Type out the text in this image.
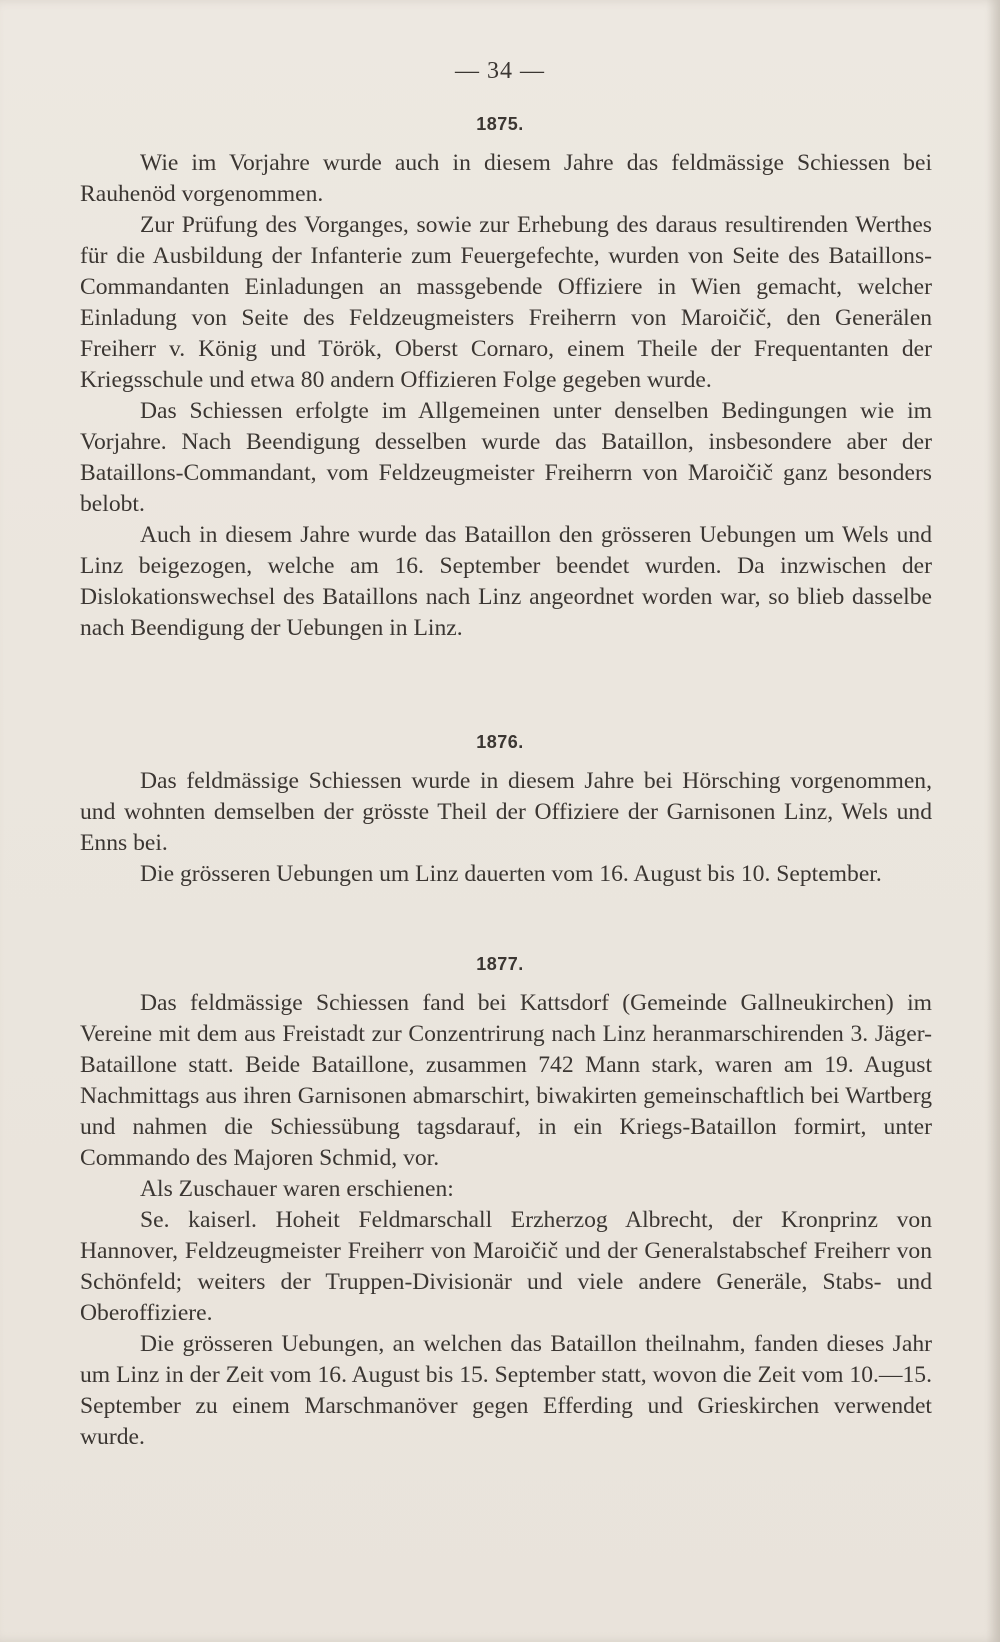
— 34 —
1875.

Wie im Vorjahre wurde auch in diesem Jahre das feldmässige Schiessen bei Rauhenöd vorgenommen.

Zur Prüfung des Vorganges, sowie zur Erhebung des daraus resultirenden Werthes für die Ausbildung der Infanterie zum Feuergefechte, wurden von Seite des Bataillons-Commandanten Einladungen an massgebende Offiziere in Wien gemacht, welcher Einladung von Seite des Feldzeugmeisters Freiherrn von Maroičič, den Generälen Freiherr v. König und Török, Oberst Cornaro, einem Theile der Frequentanten der Kriegsschule und etwa 80 andern Offizieren Folge gegeben wurde.

Das Schiessen erfolgte im Allgemeinen unter denselben Bedingungen wie im Vorjahre. Nach Beendigung desselben wurde das Bataillon, insbesondere aber der Bataillons-Commandant, vom Feldzeugmeister Freiherrn von Maroičič ganz besonders belobt.

Auch in diesem Jahre wurde das Bataillon den grösseren Uebungen um Wels und Linz beigezogen, welche am 16. September beendet wurden. Da inzwischen der Dislokationswechsel des Bataillons nach Linz angeordnet worden war, so blieb dasselbe nach Beendigung der Uebungen in Linz.

1876.

Das feldmässige Schiessen wurde in diesem Jahre bei Hörsching vorgenommen, und wohnten demselben der grösste Theil der Offiziere der Garnisonen Linz, Wels und Enns bei.

Die grösseren Uebungen um Linz dauerten vom 16. August bis 10. September.

1877.

Das feldmässige Schiessen fand bei Kattsdorf (Gemeinde Gallneukirchen) im Vereine mit dem aus Freistadt zur Conzentrirung nach Linz heranmarschirenden 3. Jäger-Bataillone statt. Beide Bataillone, zusammen 742 Mann stark, waren am 19. August Nachmittags aus ihren Garnisonen abmarschirt, biwakirten gemeinschaftlich bei Wartberg und nahmen die Schiessübung tagsdarauf, in ein Kriegs-Bataillon formirt, unter Commando des Majoren Schmid, vor.

Als Zuschauer waren erschienen:

Se. kaiserl. Hoheit Feldmarschall Erzherzog Albrecht, der Kronprinz von Hannover, Feldzeugmeister Freiherr von Maroičič und der Generalstabschef Freiherr von Schönfeld; weiters der Truppen-Divisionär und viele andere Generäle, Stabs- und Oberoffiziere.

Die grösseren Uebungen, an welchen das Bataillon theilnahm, fanden dieses Jahr um Linz in der Zeit vom 16. August bis 15. September statt, wovon die Zeit vom 10.—15. September zu einem Marschmanöver gegen Efferding und Grieskirchen verwendet wurde.
